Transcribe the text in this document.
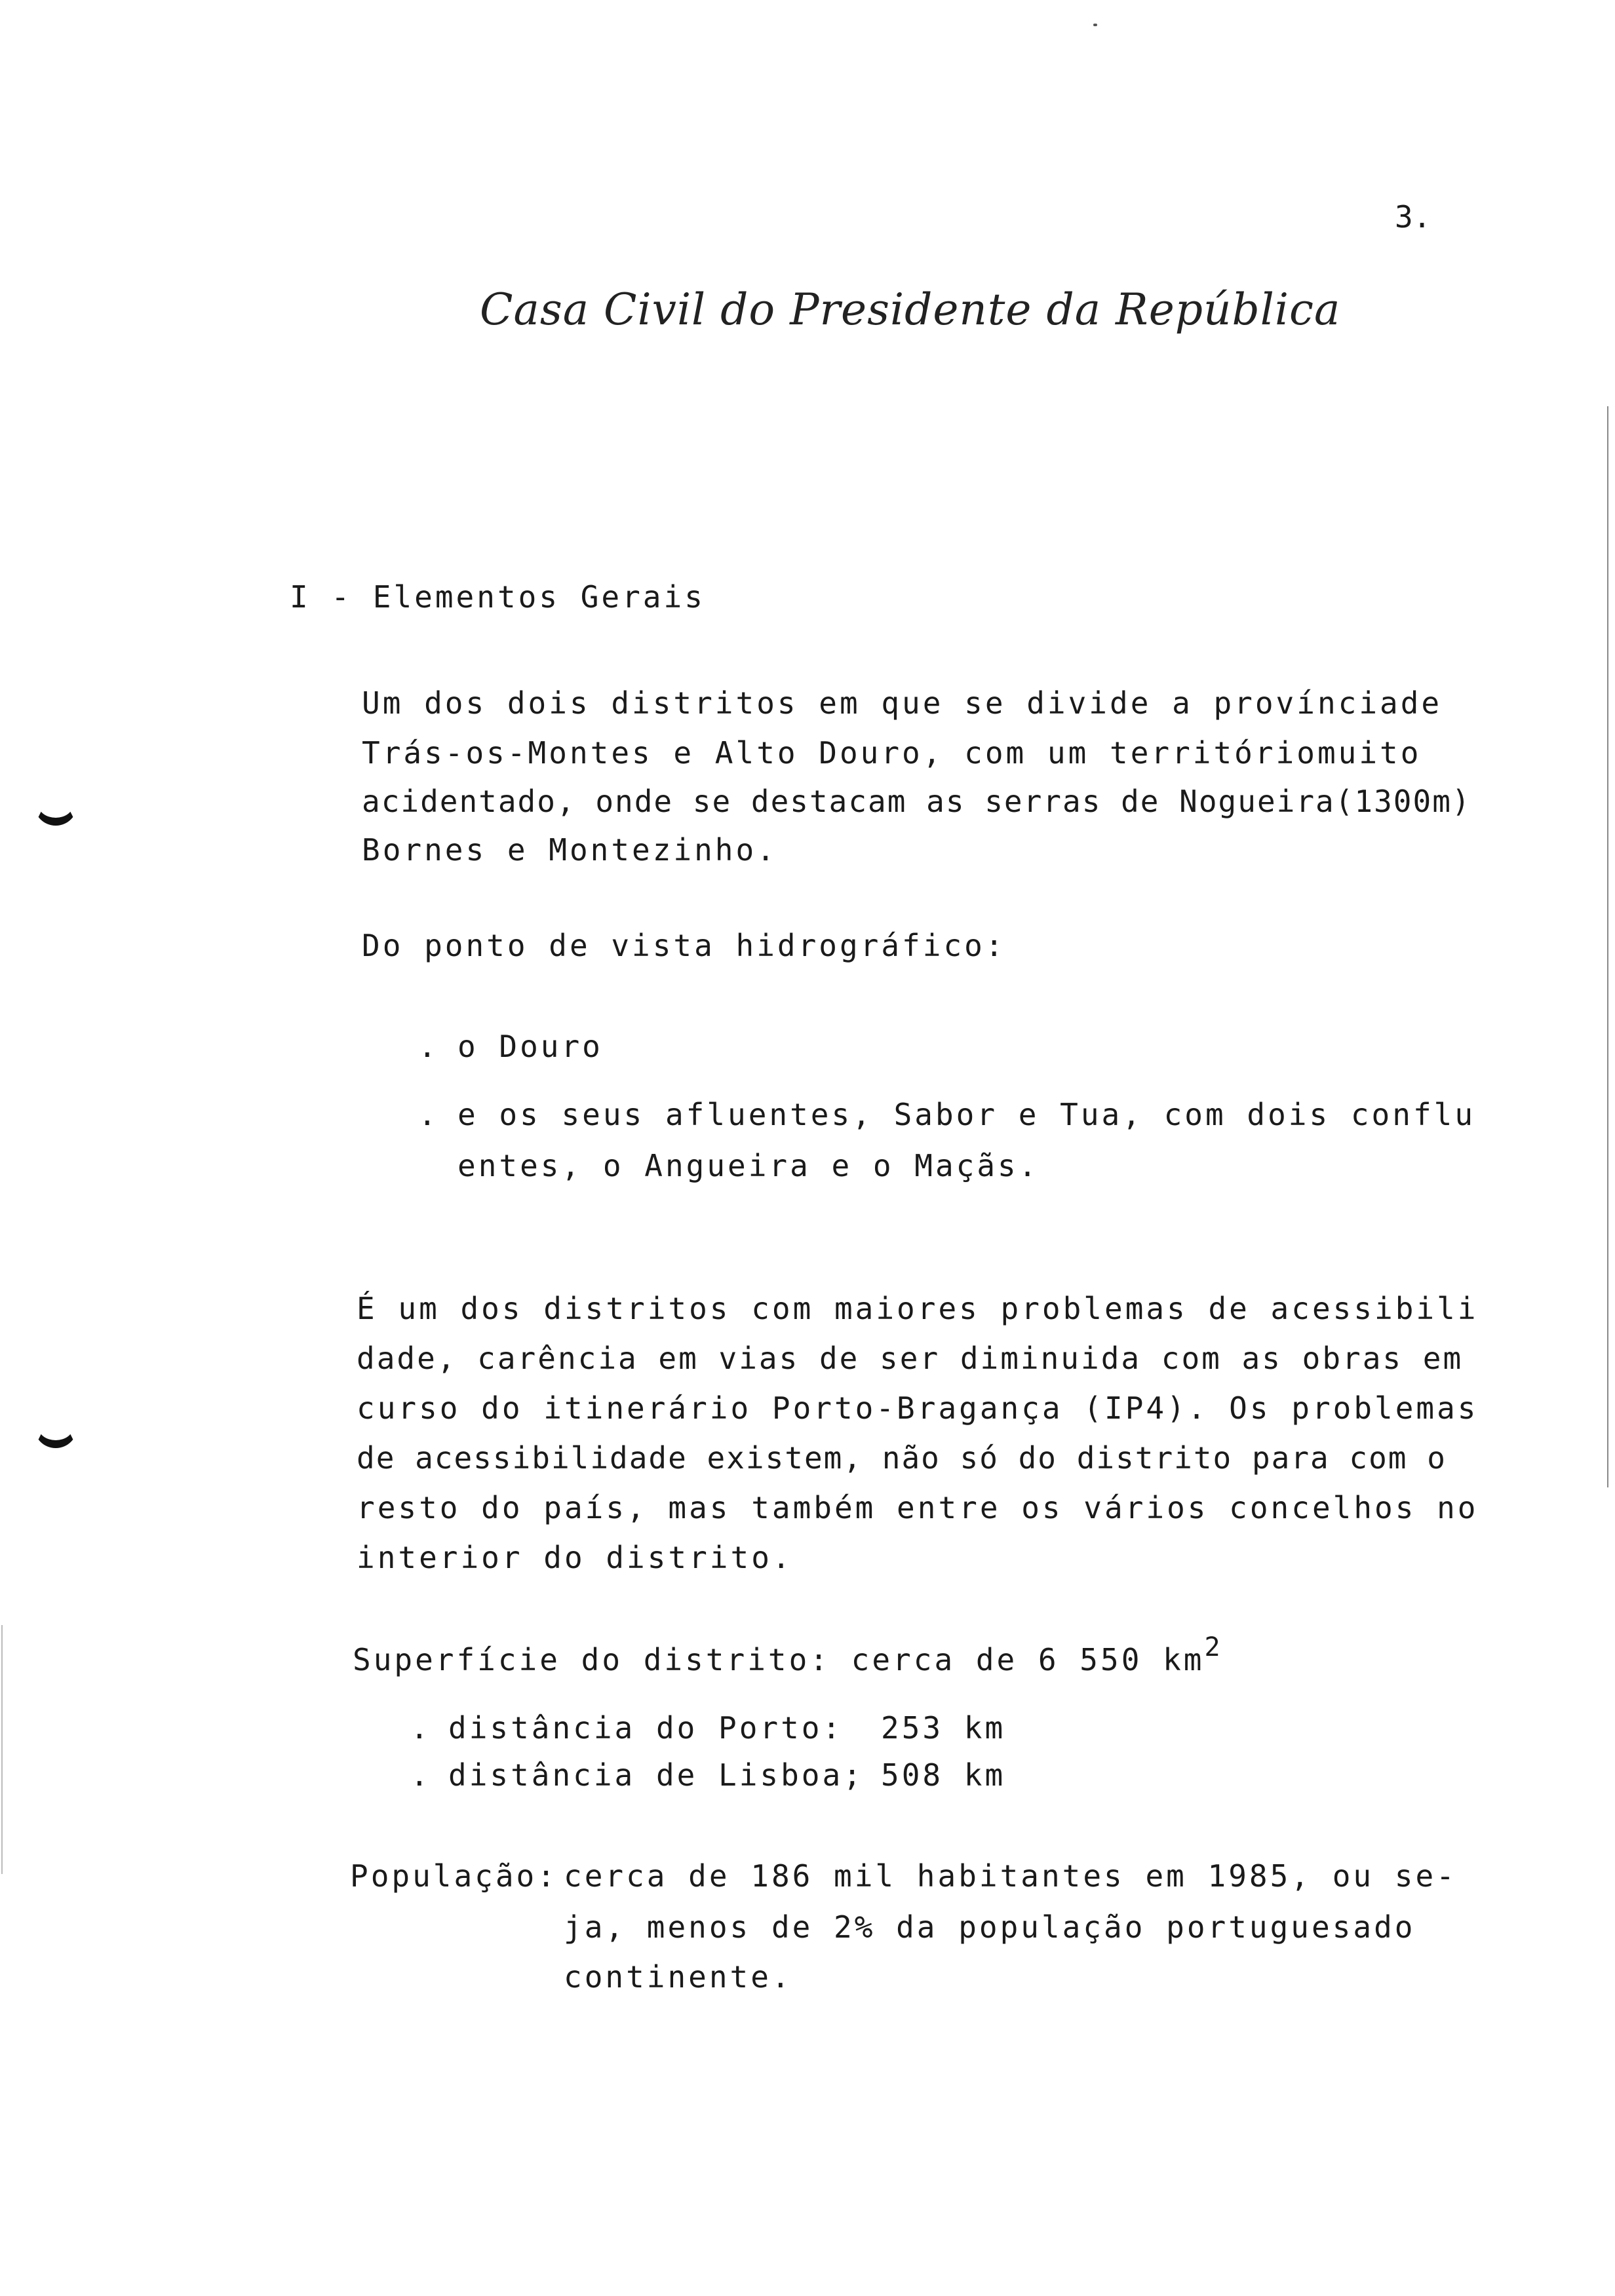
3.
Casa Civil do Presidente da República
I - Elementos Gerais
Um dos dois distritos em que se divide a província de
Trás-os-Montes e Alto Douro, com um território muito
acidentado, onde se destacam as serras de Nogueira(1300m)
Bornes e Montezinho.
Do ponto de vista hidrográfico:
. o Douro
. e os seus afluentes, Sabor e Tua, com dois conflu
entes, o Angueira e o Maçãs.
É um dos distritos com maiores problemas de acessibili
dade, carência em vias de ser diminuida com as obras em
curso do itinerário Porto-Bragança (IP4). Os problemas
de acessibilidade existem, não só do distrito para com o
resto do país, mas também entre os vários concelhos no
interior do distrito.
Superfície do distrito: cerca de 6 550 km2
. distância do Porto: 253 km
. distância de Lisboa; 508 km
População: cerca de 186 mil habitantes em 1985, ou se-
ja, menos de 2% da população portuguesa do
continente.
